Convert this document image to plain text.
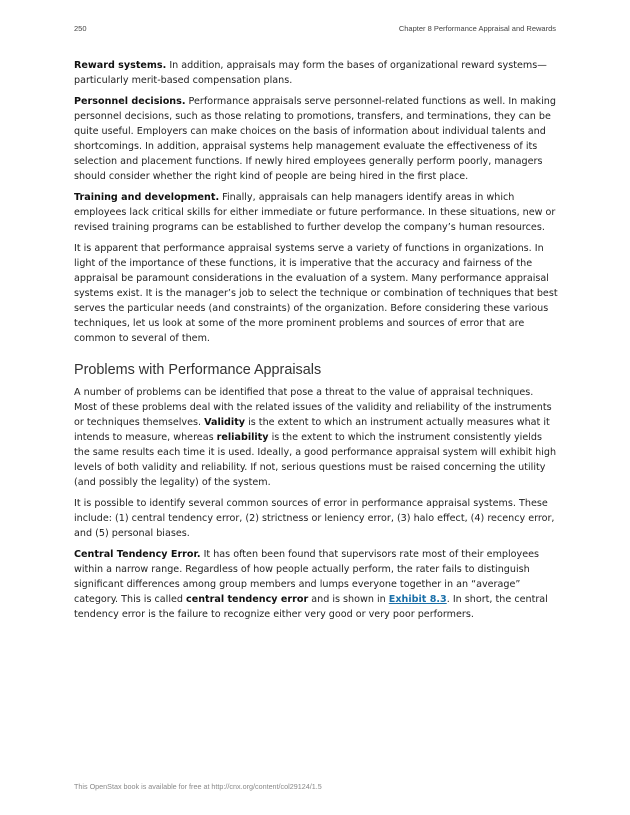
250	Chapter 8 Performance Appraisal and Rewards

Reward systems. In addition, appraisals may form the bases of organizational reward systems—particularly merit-based compensation plans.

Personnel decisions. Performance appraisals serve personnel-related functions as well. In making personnel decisions, such as those relating to promotions, transfers, and terminations, they can be quite useful. Employers can make choices on the basis of information about individual talents and shortcomings. In addition, appraisal systems help management evaluate the effectiveness of its selection and placement functions. If newly hired employees generally perform poorly, managers should consider whether the right kind of people are being hired in the first place.

Training and development. Finally, appraisals can help managers identify areas in which employees lack critical skills for either immediate or future performance. In these situations, new or revised training programs can be established to further develop the company’s human resources.

It is apparent that performance appraisal systems serve a variety of functions in organizations. In light of the importance of these functions, it is imperative that the accuracy and fairness of the appraisal be paramount considerations in the evaluation of a system. Many performance appraisal systems exist. It is the manager’s job to select the technique or combination of techniques that best serves the particular needs (and constraints) of the organization. Before considering these various techniques, let us look at some of the more prominent problems and sources of error that are common to several of them.

Problems with Performance Appraisals

A number of problems can be identified that pose a threat to the value of appraisal techniques. Most of these problems deal with the related issues of the validity and reliability of the instruments or techniques themselves. Validity is the extent to which an instrument actually measures what it intends to measure, whereas reliability is the extent to which the instrument consistently yields the same results each time it is used. Ideally, a good performance appraisal system will exhibit high levels of both validity and reliability. If not, serious questions must be raised concerning the utility (and possibly the legality) of the system.

It is possible to identify several common sources of error in performance appraisal systems. These include: (1) central tendency error, (2) strictness or leniency error, (3) halo effect, (4) recency error, and (5) personal biases.

Central Tendency Error. It has often been found that supervisors rate most of their employees within a narrow range. Regardless of how people actually perform, the rater fails to distinguish significant differences among group members and lumps everyone together in an “average” category. This is called central tendency error and is shown in Exhibit 8.3. In short, the central tendency error is the failure to recognize either very good or very poor performers.

This OpenStax book is available for free at http://cnx.org/content/col29124/1.5
